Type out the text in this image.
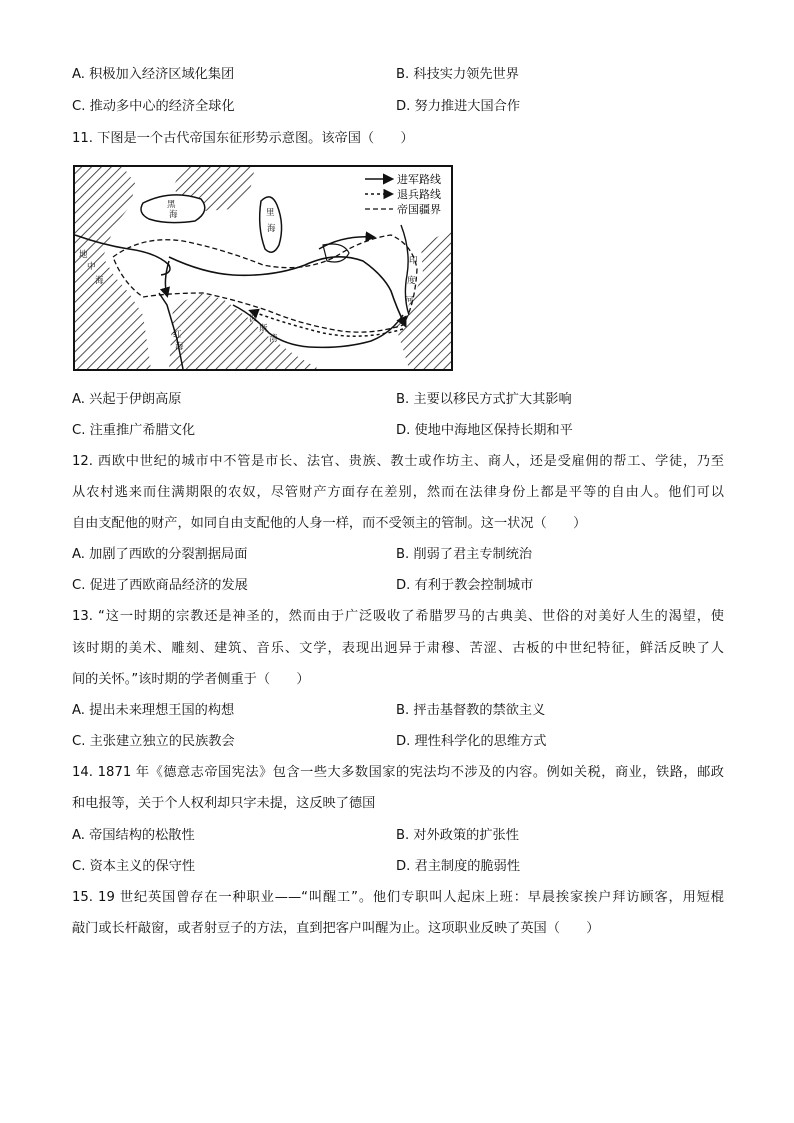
A. 积极加入经济区域化集团	B. 科技实力领先世界
C. 推动多中心的经济全球化	D. 努力推进大国合作
11. 下图是一个古代帝国东征形势示意图。该帝国（　　）
进军路线
退兵路线
帝国疆界
黑
海	里
海
地
中
海
红
海
波
斯
湾
印
度
河
A. 兴起于伊朗高原	B. 主要以移民方式扩大其影响
C. 注重推广希腊文化	D. 使地中海地区保持长期和平
12. 西欧中世纪的城市中不管是市长、法官、贵族、教士或作坊主、商人，还是受雇佣的帮工、学徒，乃至
从农村逃来而住满期限的农奴，尽管财产方面存在差别，然而在法律身份上都是平等的自由人。他们可以
自由支配他的财产，如同自由支配他的人身一样，而不受领主的管制。这一状况（　　）
A. 加剧了西欧的分裂割据局面	B. 削弱了君主专制统治
C. 促进了西欧商品经济的发展	D. 有利于教会控制城市
13. “这一时期的宗教还是神圣的，然而由于广泛吸收了希腊罗马的古典美、世俗的对美好人生的渴望，使
该时期的美术、雕刻、建筑、音乐、文学，表现出迥异于肃穆、苦涩、古板的中世纪特征，鲜活反映了人
间的关怀。”该时期的学者侧重于（　　）
A. 提出未来理想王国的构想	B. 抨击基督教的禁欲主义
C. 主张建立独立的民族教会	D. 理性科学化的思维方式
14. 1871 年《德意志帝国宪法》包含一些大多数国家的宪法均不涉及的内容。例如关税，商业，铁路，邮政
和电报等，关于个人权利却只字未提，这反映了德国
A. 帝国结构的松散性	B. 对外政策的扩张性
C. 资本主义的保守性	D. 君主制度的脆弱性
15. 19 世纪英国曾存在一种职业——“叫醒工”。他们专职叫人起床上班：早晨挨家挨户拜访顾客，用短棍
敲门或长杆敲窗，或者射豆子的方法，直到把客户叫醒为止。这项职业反映了英国（　　）
